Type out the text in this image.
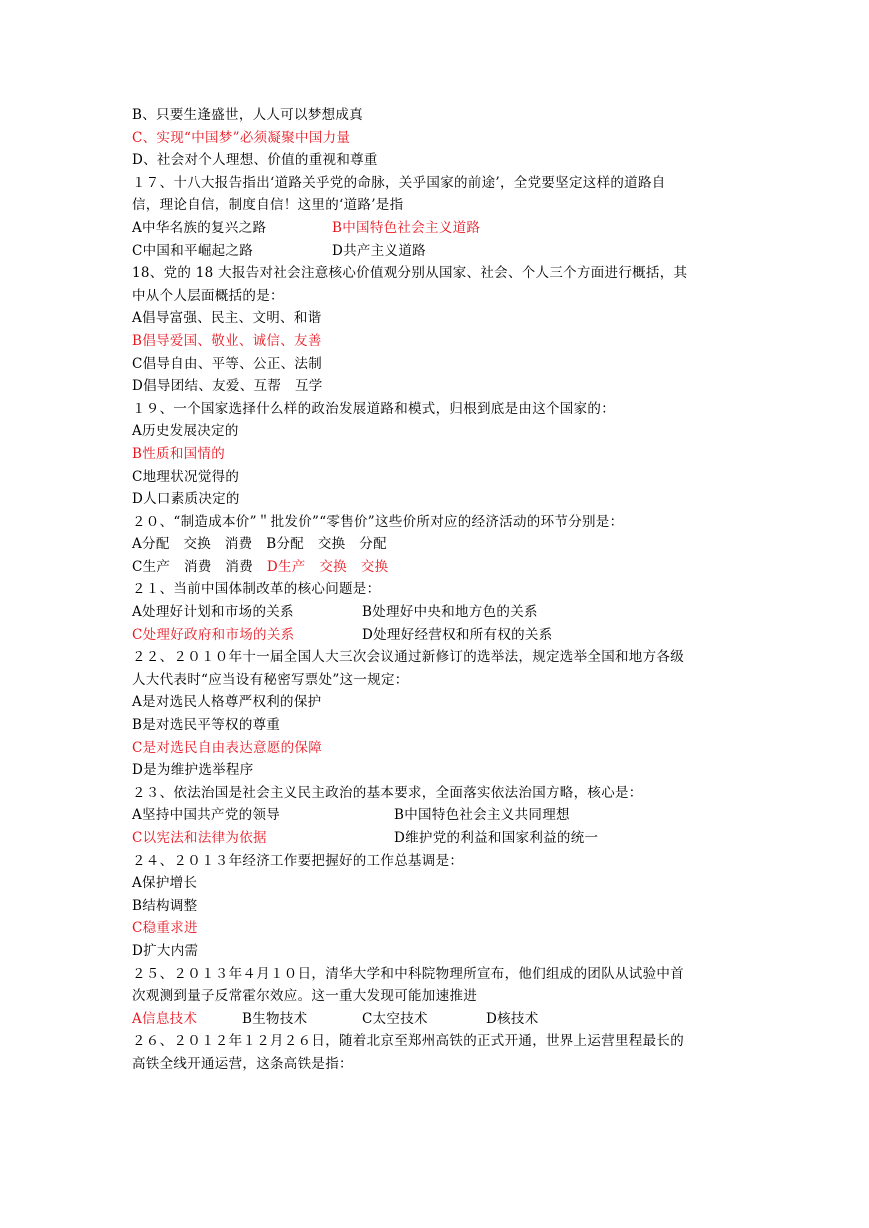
B、只要生逢盛世，人人可以梦想成真
C、实现“中国梦”必须凝聚中国力量
D、社会对个人理想、价值的重视和尊重
１７、十八大报告指出‘道路关乎党的命脉，关乎国家的前途’，全党要坚定这样的道路自
信，理论自信，制度自信！这里的‘道路’是指
A中华名族的复兴之路	B中国特色社会主义道路
C中国和平崛起之路	D共产主义道路
18、党的 18 大报告对社会注意核心价值观分别从国家、社会、个人三个方面进行概括，其
中从个人层面概括的是：
A倡导富强、民主、文明、和谐
B倡导爱国、敬业、诚信、友善
C倡导自由、平等、公正、法制
D倡导团结、友爱、互帮　互学
１９、一个国家选择什么样的政治发展道路和模式，归根到底是由这个国家的：
A历史发展决定的
B性质和国情的
C地理状况觉得的
D人口素质决定的
２０、“制造成本价”＂批发价”“零售价”这些价所对应的经济活动的环节分别是：
A分配　交换　消费　B分配　交换　分配
C生产　消费　消费　D生产　交换　交换
２１、当前中国体制改革的核心问题是：
A处理好计划和市场的关系	B处理好中央和地方色的关系
C处理好政府和市场的关系	D处理好经营权和所有权的关系
２２、２０１０年十一届全国人大三次会议通过新修订的选举法，规定选举全国和地方各级
人大代表时“应当设有秘密写票处”这一规定：
A是对选民人格尊严权利的保护
B是对选民平等权的尊重
C是对选民自由表达意愿的保障
D是为维护选举程序
２３、依法治国是社会主义民主政治的基本要求，全面落实依法治国方略，核心是：
A坚持中国共产党的领导	B中国特色社会主义共同理想
C以宪法和法律为依据	D维护党的利益和国家利益的统一
２４、２０１３年经济工作要把握好的工作总基调是：
A保护增长
B结构调整
C稳重求进
D扩大内需
２５、２０１３年４月１０日，清华大学和中科院物理所宣布，他们组成的团队从试验中首
次观测到量子反常霍尔效应。这一重大发现可能加速推进
A信息技术	B生物技术	C太空技术	D核技术
２６、２０１２年１２月２６日，随着北京至郑州高铁的正式开通，世界上运营里程最长的
高铁全线开通运营，这条高铁是指：
